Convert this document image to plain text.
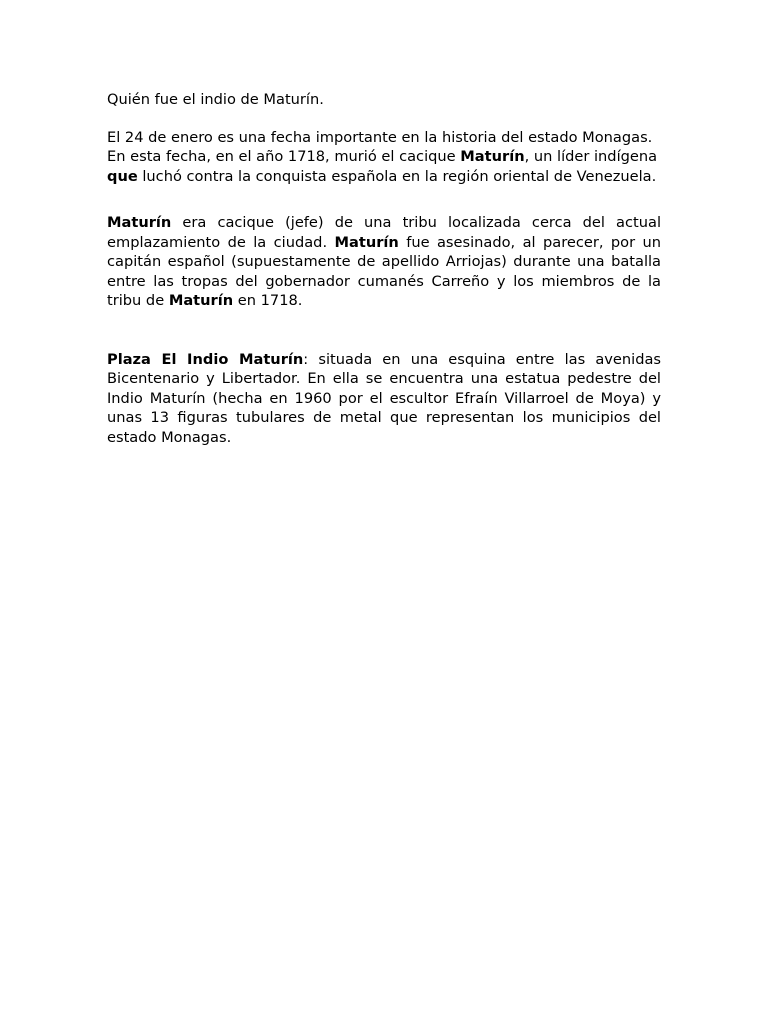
Quién fue el indio de Maturín.

El 24 de enero es una fecha importante en la historia del estado Monagas. En esta fecha, en el año 1718, murió el cacique Maturín, un líder indígena que luchó contra la conquista española en la región oriental de Venezuela.

Maturín era cacique (jefe) de una tribu localizada cerca del actual emplazamiento de la ciudad. Maturín fue asesinado, al parecer, por un capitán español (supuestamente de apellido Arriojas) durante una batalla entre las tropas del gobernador cumanés Carreño y los miembros de la tribu de Maturín en 1718.

Plaza El Indio Maturín: situada en una esquina entre las avenidas Bicentenario y Libertador. En ella se encuentra una estatua pedestre del Indio Maturín (hecha en 1960 por el escultor Efraín Villarroel de Moya) y unas 13 figuras tubulares de metal que representan los municipios del estado Monagas.
